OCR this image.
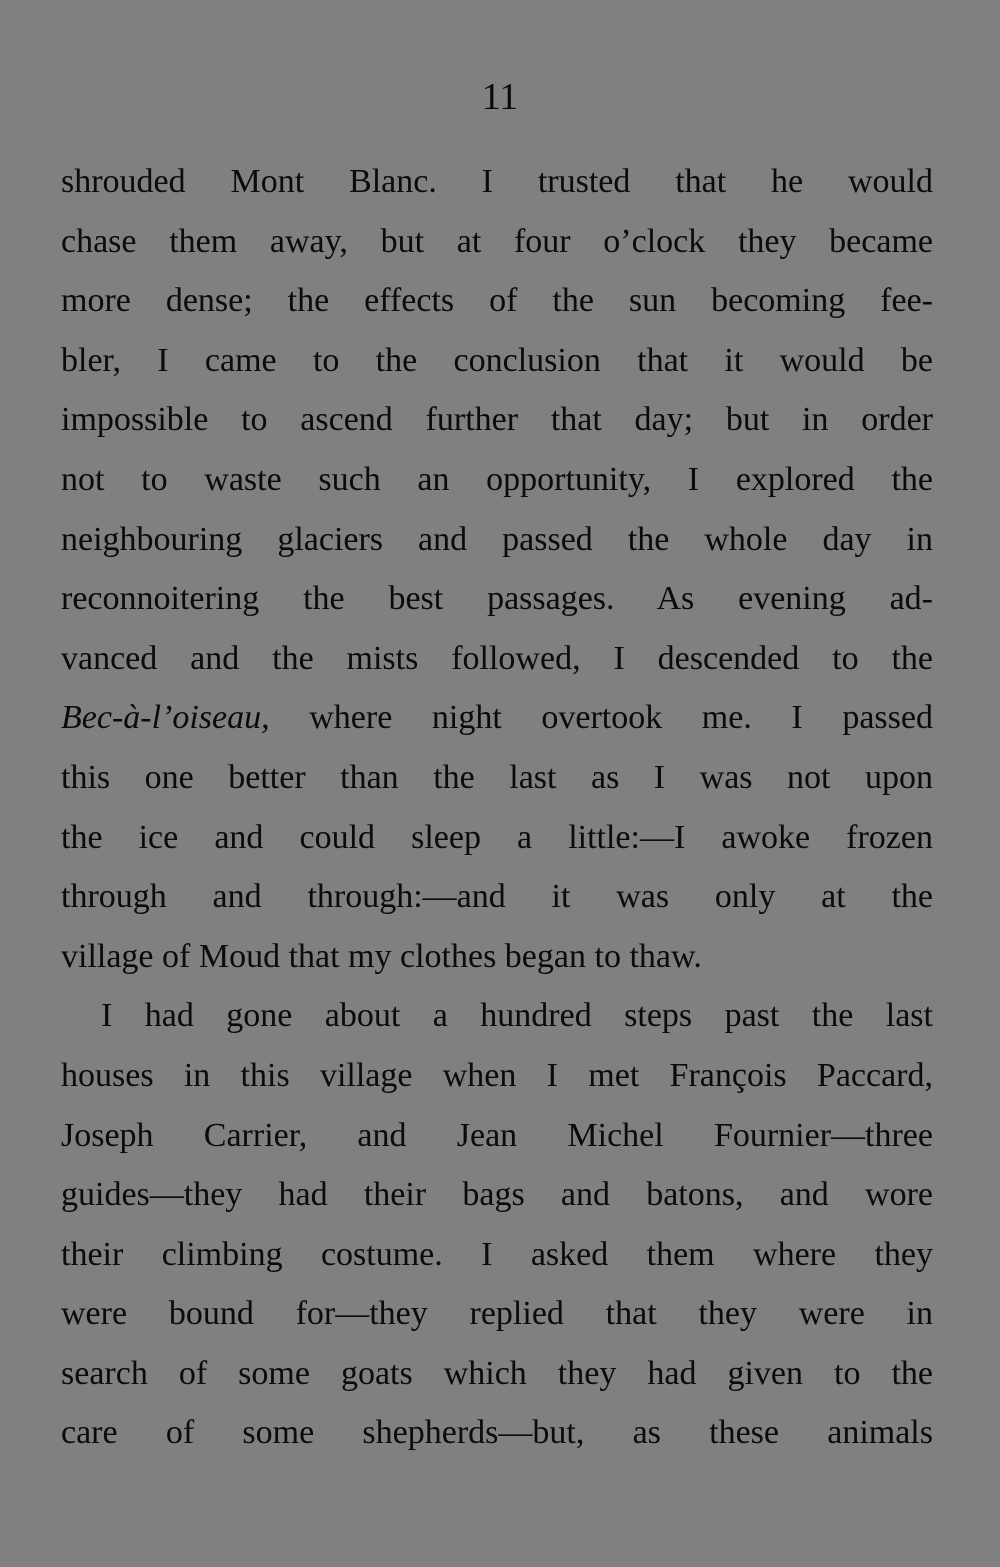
11
shrouded Mont Blanc. I trusted that he would
chase them away, but at four o’clock they became
more dense; the effects of the sun becoming fee-
bler, I came to the conclusion that it would be
impossible to ascend further that day; but in order
not to waste such an opportunity, I explored the
neighbouring glaciers and passed the whole day in
reconnoitering the best passages. As evening ad-
vanced and the mists followed, I descended to the
Bec-à-l’oiseau, where night overtook me. I passed
this one better than the last as I was not upon
the ice and could sleep a little:—I awoke frozen
through and through:—and it was only at the
village of Moud that my clothes began to thaw.
I had gone about a hundred steps past the last
houses in this village when I met François Paccard,
Joseph Carrier, and Jean Michel Fournier—three
guides—they had their bags and batons, and wore
their climbing costume. I asked them where they
were bound for—they replied that they were in
search of some goats which they had given to the
care of some shepherds—but, as these animals
